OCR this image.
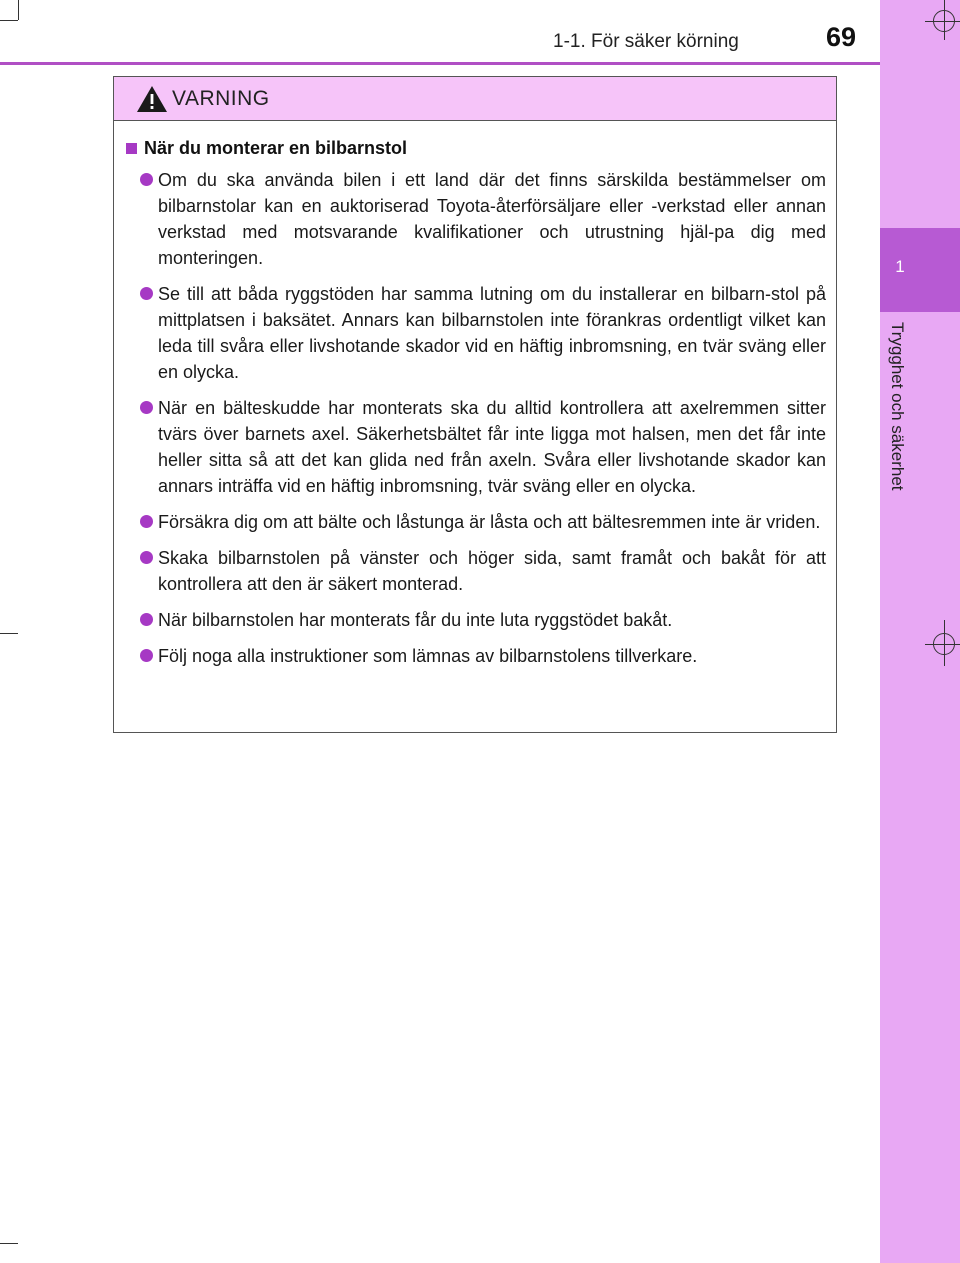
1
Trygghet och säkerhet
1-1. För säker körning	69
VARNING
När du monterar en bilbarnstol
Om du ska använda bilen i ett land där det finns särskilda bestämmelser om bilbarnstolar kan en auktoriserad Toyota-återförsäljare eller -verkstad eller annan verkstad med motsvarande kvalifikationer och utrustning hjäl-pa dig med monteringen.
Se till att båda ryggstöden har samma lutning om du installerar en bilbarn-stol på mittplatsen i baksätet. Annars kan bilbarnstolen inte förankras ordentligt vilket kan leda till svåra eller livshotande skador vid en häftig inbromsning, en tvär sväng eller en olycka.
När en bälteskudde har monterats ska du alltid kontrollera att axelremmen sitter tvärs över barnets axel. Säkerhetsbältet får inte ligga mot halsen, men det får inte heller sitta så att det kan glida ned från axeln. Svåra eller livshotande skador kan annars inträffa vid en häftig inbromsning, tvär sväng eller en olycka.
Försäkra dig om att bälte och låstunga är låsta och att bältesremmen inte är vriden.
Skaka bilbarnstolen på vänster och höger sida, samt framåt och bakåt för att kontrollera att den är säkert monterad.
När bilbarnstolen har monterats får du inte luta ryggstödet bakåt.
Följ noga alla instruktioner som lämnas av bilbarnstolens tillverkare.
